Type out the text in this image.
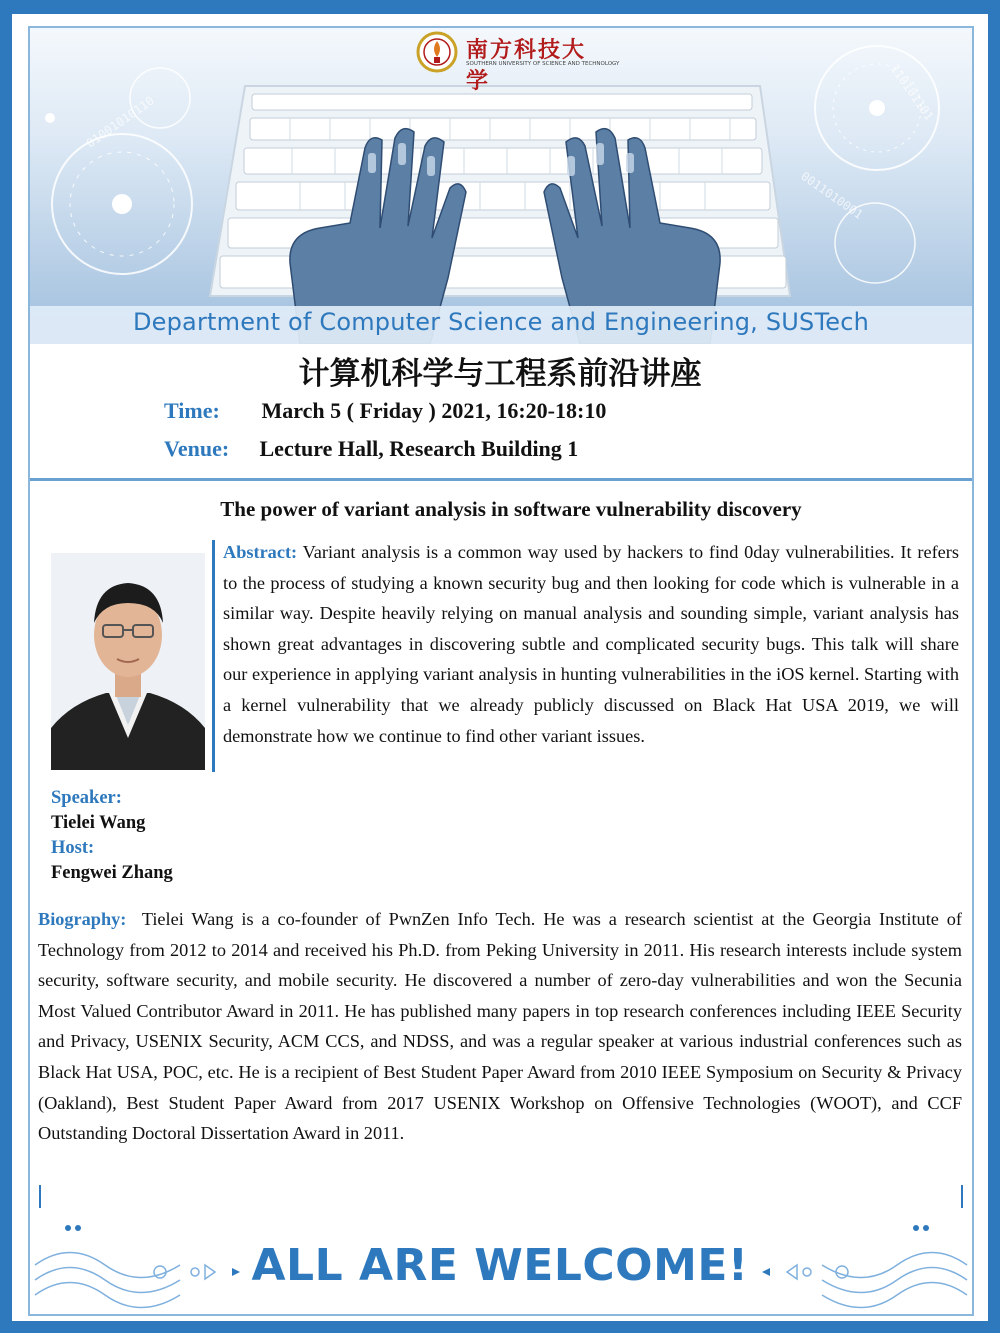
01001010110
0011010001
110101101
南方科技大学
SOUTHERN UNIVERSITY OF SCIENCE AND TECHNOLOGY
Department of Computer Science and Engineering, SUSTech
计算机科学与工程系前沿讲座
Time: March 5 ( Friday ) 2021, 16:20-18:10
Venue: Lecture Hall, Research Building 1
The power of variant analysis in software vulnerability discovery
Abstract: Variant analysis is a common way used by hackers to find 0day vulnerabilities. It refers to the process of studying a known security bug and then looking for code which is vulnerable in a similar way. Despite heavily relying on manual analysis and sounding simple, variant analysis has shown great advantages in discovering subtle and complicated security bugs. This talk will share our experience in applying variant analysis in hunting vulnerabilities in the iOS kernel. Starting with a kernel vulnerability that we already publicly discussed on Black Hat USA 2019, we will demonstrate how we continue to find other variant issues.
Speaker:
Tielei Wang
Host:
Fengwei Zhang
Biography: Tielei Wang is a co-founder of PwnZen Info Tech. He was a research scientist at the Georgia Institute of Technology from 2012 to 2014 and received his Ph.D. from Peking University in 2011. His research interests include system security, software security, and mobile security. He discovered a number of zero-day vulnerabilities and won the Secunia Most Valued Contributor Award in 2011. He has published many papers in top research conferences including IEEE Security and Privacy, USENIX Security, ACM CCS, and NDSS, and was a regular speaker at various industrial conferences such as Black Hat USA, POC, etc. He is a recipient of Best Student Paper Award from 2010 IEEE Symposium on Security & Privacy (Oakland), Best Student Paper Award from 2017 USENIX Workshop on Offensive Technologies (WOOT), and CCF Outstanding Doctoral Dissertation Award in 2011.
ALL ARE WELCOME!
